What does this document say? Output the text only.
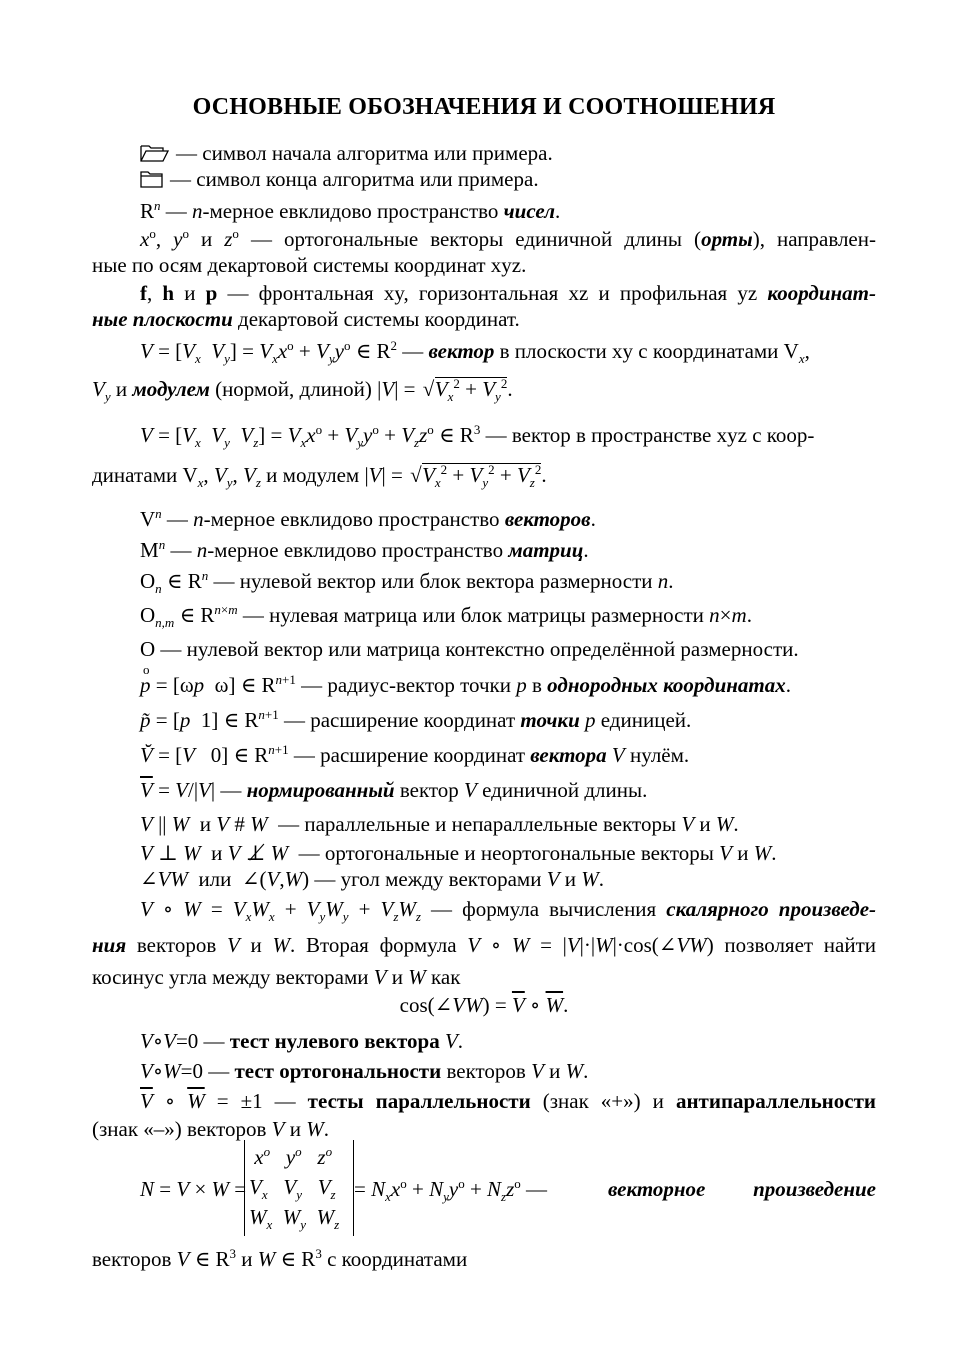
ОСНОВНЫЕ ОБОЗНАЧЕНИЯ И СООТНОШЕНИЯ
— символ начала алгоритма или примера.
— символ конца алгоритма или примера.
$R^n$ — n-мерное евклидово пространство чисел.
$x^o$, $y^o$ и $z^o$ — ортогональные векторы единичной длины (орты), направлен-
ные по осям декартовой системы координат xyz.
f, h и p — фронтальная xy, горизонтальная xz и профильная yz координат-
ные плоскости декартовой системы координат.
$V = [V_x$ $V_y] = V_xx^o + V_yy^o$ ∈ $R^2$ — вектор в плоскости xy с координатами $V_x$,
$V_y$ и модулем (нормой, длиной) |V| = √ $V_x^2 + V_y^2$.
$V = [V_x$ $V_y$ $V_z] = V_xx^o + V_yy^o + V_zz^o$ ∈ $R^3$ — вектор в пространстве xyz с коор-
динатами $V_x$, $V_y$, $V_z$ и модулем |V| = √ $V_x^2 + V_y^2 + V_z^2$.
$V^n$ — n-мерное евклидово пространство векторов.
$M^n$ — n-мерное евклидово пространство матриц.
$O_n$ ∈ $R^n$ — нулевой вектор или блок вектора размерности n.
$O_{n,m}$ ∈ $R^{n\times m}$ — нулевая матрица или блок матрицы размерности n×m.
O — нулевой вектор или матрица контекстно определённой размерности.
o
p = [ωp  ω] ∈ $R^{n+1}$ — радиус-вектор точки p в однородных координатах.
p̃ = [p  1] ∈ $R^{n+1}$ — расширение координат точки p единицей.
V̆ = [V   0] ∈ $R^{n+1}$ — расширение координат вектора V нулём.
$\overline{V} = V/|V|$ — нормированный вектор V единичной длины.
V || W  и V # W — параллельные и непараллельные векторы V и W.
V ⊥ W  и V ⊥̸ W — ортогональные и неортогональные векторы V и W.
∠VW  или  ∠(V,W) — угол между векторами V и W.
V ∘ $W = V_xW_x + V_yW_y + V_zW_z$ — формула вычисления скалярного произведе-
ния векторов V и W. Вторая формула V ∘ W = |V|·|W|·cos(∠VW) позволяет найти
косинус угла между векторами V и W как
cos(∠VW) = $\overline{V}$ ∘ $\overline{W}$.
V∘V=0 — тест нулевого вектора V.
V∘W=0 — тест ортогональности векторов V и W.
$\overline{V}$ ∘ $\overline{W} = \pm 1$ — тесты параллельности (знак «+») и антипараллельности
(знак «–») векторов V и W.
N = V × W =
$x^o$   $y^o$   $z^o$
$V_x$   $V_y$   $V_z$
$W_x$  $W_y$  $W_z$
= $N_xx^o + N_yy^o + N_zz^o$ —	векторное произведение
векторов V ∈ $R^3$ и W ∈ $R^3$ с координатами
